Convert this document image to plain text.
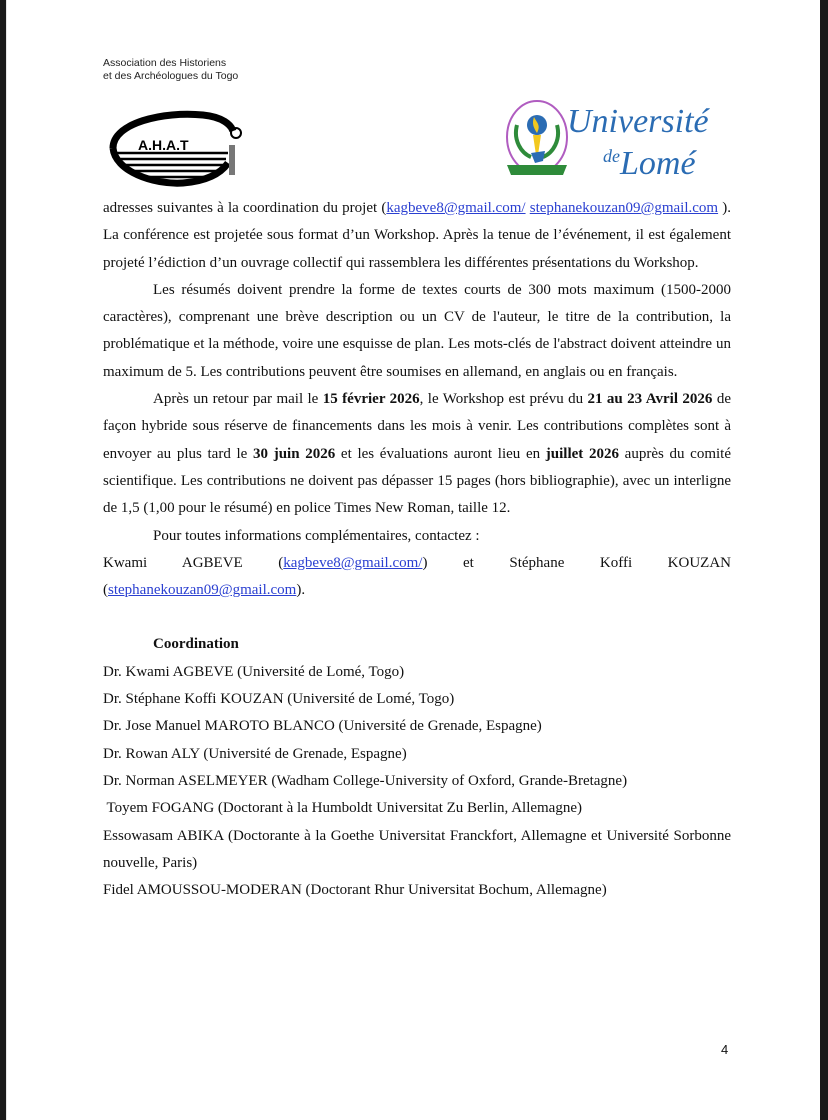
Association des Historiens
et des Archéologues du Togo
A.H.A.T
Université
deLomé

adresses suivantes à la coordination du projet (kagbeve8@gmail.com/ stephanekouzan09@gmail.com ). La conférence est projetée sous format d’un Workshop. Après la tenue de l’événement, il est également projeté l’édiction d’un ouvrage collectif qui rassemblera les différentes présentations du Workshop.

Les résumés doivent prendre la forme de textes courts de 300 mots maximum (1500-2000 caractères), comprenant une brève description ou un CV de l'auteur, le titre de la contribution, la problématique et la méthode, voire une esquisse de plan. Les mots-clés de l'abstract doivent atteindre un maximum de 5. Les contributions peuvent être soumises en allemand, en anglais ou en français.

Après un retour par mail le 15 février 2026, le Workshop est prévu du 21 au 23 Avril 2026 de façon hybride sous réserve de financements dans les mois à venir. Les contributions complètes sont à envoyer au plus tard le 30 juin 2026 et les évaluations auront lieu en juillet 2026 auprès du comité scientifique. Les contributions ne doivent pas dépasser 15 pages (hors bibliographie), avec un interligne de 1,5 (1,00 pour le résumé) en police Times New Roman, taille 12.

Pour toutes informations complémentaires, contactez :

Kwami AGBEVE (kagbeve8@gmail.com/) et Stéphane Koffi KOUZAN (stephanekouzan09@gmail.com).

Coordination

Dr. Kwami AGBEVE (Université de Lomé, Togo)

Dr. Stéphane Koffi KOUZAN (Université de Lomé, Togo)

Dr. Jose Manuel MAROTO BLANCO (Université de Grenade, Espagne)

Dr. Rowan ALY (Université de Grenade, Espagne)

Dr. Norman ASELMEYER (Wadham College-University of Oxford, Grande-Bretagne)

Toyem FOGANG (Doctorant à la Humboldt Universitat Zu Berlin, Allemagne)

Essowasam ABIKA (Doctorante à la Goethe Universitat Franckfort, Allemagne et Université Sorbonne nouvelle, Paris)

Fidel AMOUSSOU-MODERAN (Doctorant Rhur Universitat Bochum, Allemagne)

4
